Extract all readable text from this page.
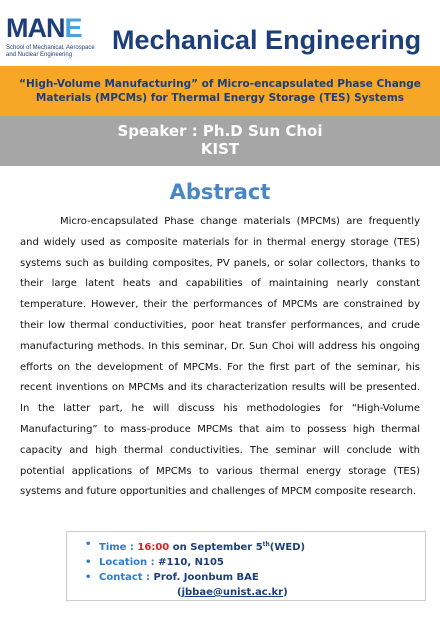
MANE
School of Mechanical, Aerospace
and Nuclear Engineering	Mechanical Engineering
“High-Volume Manufacturing” of Micro-encapsulated Phase Change
Materials (MPCMs) for Thermal Energy Storage (TES) Systems
Speaker : Ph.D Sun Choi
KIST
Abstract
Micro-encapsulated Phase change materials (MPCMs) are frequently and widely used as composite materials for in thermal energy storage (TES) systems such as building composites, PV panels, or solar collectors, thanks to their large latent heats and capabilities of maintaining nearly constant temperature. However, their the performances of MPCMs are constrained by their low thermal conductivities, poor heat transfer performances, and crude manufacturing methods. In this seminar, Dr. Sun Choi will address his ongoing efforts on the development of MPCMs. For the first part of the seminar, his recent inventions on MPCMs and its characterization results will be presented. In the latter part, he will discuss his methodologies for “High-Volume Manufacturing” to mass-produce MPCMs that aim to possess high thermal capacity and high thermal conductivities. The seminar will conclude with potential applications of MPCMs to various thermal energy storage (TES) systems and future opportunities and challenges of MPCM composite research.
• Time : 16:00 on September 5th(WED)
• Location : #110, N105
• Contact : Prof. Joonbum BAE
(jbbae@unist.ac.kr)
